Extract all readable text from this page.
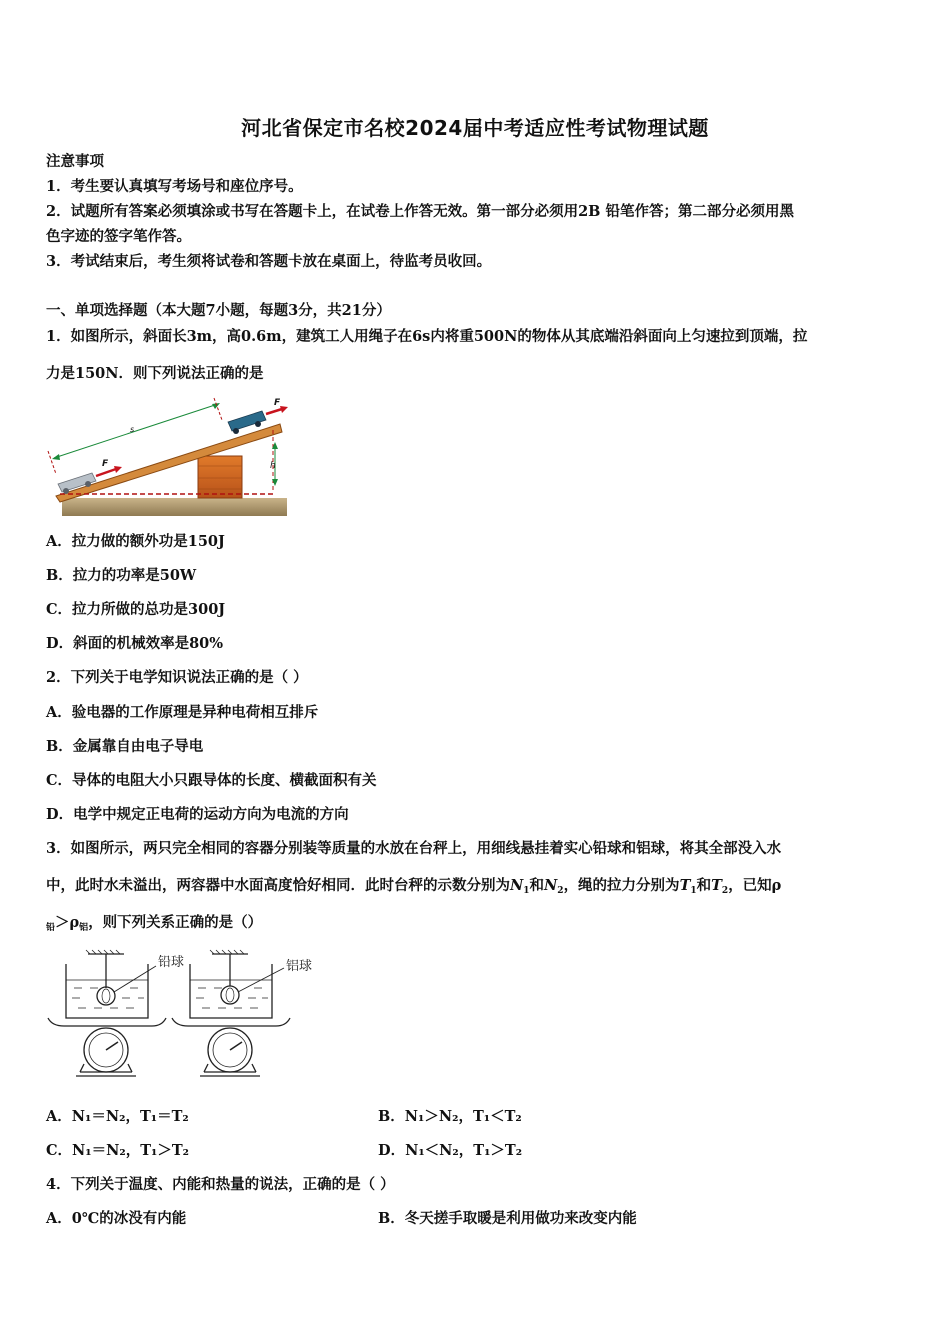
河北省保定市名校2024届中考适应性考试物理试题
注意事项
1．考生要认真填写考场号和座位序号。
2．试题所有答案必须填涂或书写在答题卡上，在试卷上作答无效。第一部分必须用2B 铅笔作答；第二部分必须用黑
色字迹的签字笔作答。
3．考试结束后，考生须将试卷和答题卡放在桌面上，待监考员收回。
一、单项选择题（本大题7小题，每题3分，共21分）
1．如图所示，斜面长3m，高0.6m，建筑工人用绳子在6s内将重500N的物体从其底端沿斜面向上匀速拉到顶端，拉
力是150N．则下列说法正确的是
h
s
F
F
A．拉力做的额外功是150J
B．拉力的功率是50W
C．拉力所做的总功是300J
D．斜面的机械效率是80%
2．下列关于电学知识说法正确的是（ ）
A．验电器的工作原理是异种电荷相互排斥
B．金属靠自由电子导电
C．导体的电阻大小只跟导体的长度、横截面积有关
D．电学中规定正电荷的运动方向为电流的方向
3．如图所示，两只完全相同的容器分别装等质量的水放在台秤上，用细线悬挂着实心铅球和铝球，将其全部没入水
中，此时水未溢出，两容器中水面高度恰好相同．此时台秤的示数分别为$N_1$和$N_2$，绳的拉力分别为$T_1$和$T_2$，已知ρ
$_铅>\rho_铝$，则下列关系正确的是（）
铅球	铝球
A．N₁＝N₂，T₁＝T₂	B．N₁＞N₂，T₁＜T₂
C．N₁＝N₂，T₁＞T₂	D．N₁＜N₂，T₁＞T₂
4．下列关于温度、内能和热量的说法，正确的是（ ）
A．0℃的冰没有内能	B．冬天搓手取暖是利用做功来改变内能
